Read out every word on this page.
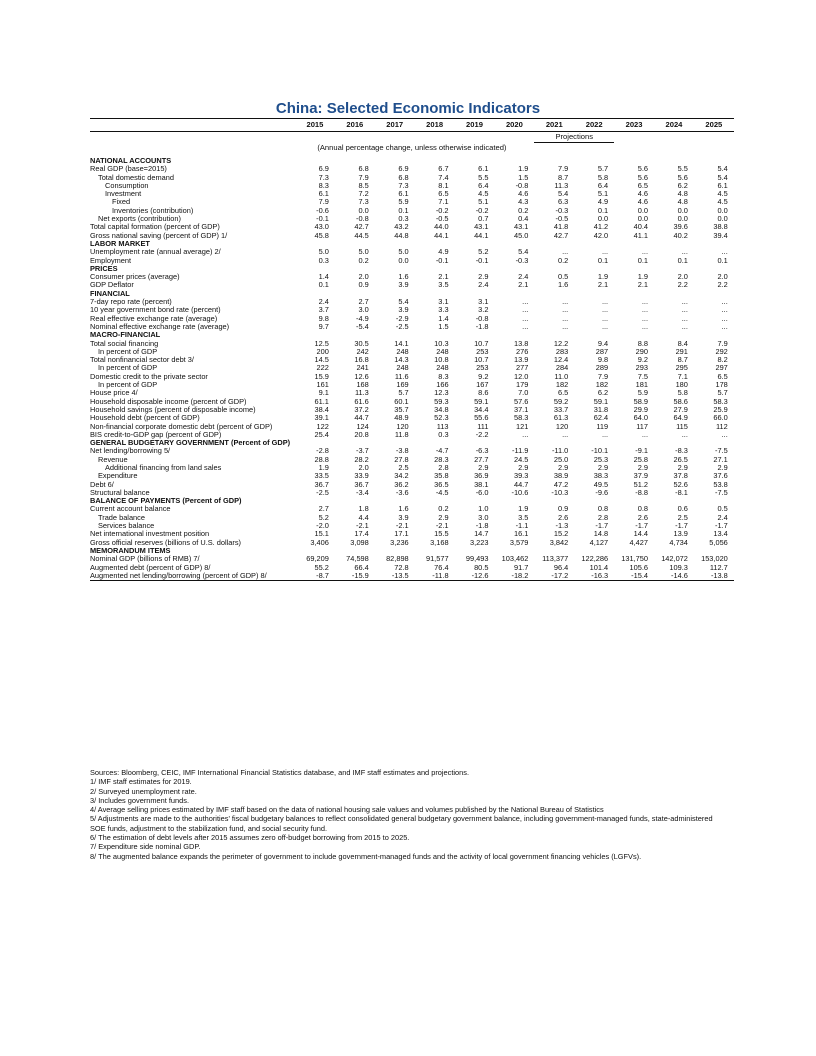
China: Selected Economic Indicators
	2015	2016	2017	2018	2019	2020	2021	2022	2023	2024	2025
							Projections				
(Annual percentage change, unless otherwise indicated)											

NATIONAL ACCOUNTS											
Real GDP (base=2015)	6.9	6.8	6.9	6.7	6.1	1.9	7.9	5.7	5.6	5.5	5.4
Total domestic demand	7.3	7.9	6.8	7.4	5.5	1.5	8.7	5.8	5.6	5.6	5.4
Consumption	8.3	8.5	7.3	8.1	6.4	-0.8	11.3	6.4	6.5	6.2	6.1
Investment	6.1	7.2	6.1	6.5	4.5	4.6	5.4	5.1	4.6	4.8	4.5
Fixed	7.9	7.3	5.9	7.1	5.1	4.3	6.3	4.9	4.6	4.8	4.5
Inventories (contribution)	-0.6	0.0	0.1	-0.2	-0.2	0.2	-0.3	0.1	0.0	0.0	0.0
Net exports (contribution)	-0.1	-0.8	0.3	-0.5	0.7	0.4	-0.5	0.0	0.0	0.0	0.0
Total capital formation (percent of GDP)	43.0	42.7	43.2	44.0	43.1	43.1	41.8	41.2	40.4	39.6	38.8
Gross national saving (percent of GDP) 1/	45.8	44.5	44.8	44.1	44.1	45.0	42.7	42.0	41.1	40.2	39.4
LABOR MARKET											
Unemployment rate (annual average) 2/	5.0	5.0	5.0	4.9	5.2	5.4	...	...	...	...	...
Employment	0.3	0.2	0.0	-0.1	-0.1	-0.3	0.2	0.1	0.1	0.1	0.1
PRICES											
Consumer prices (average)	1.4	2.0	1.6	2.1	2.9	2.4	0.5	1.9	1.9	2.0	2.0
GDP Deflator	0.1	0.9	3.9	3.5	2.4	2.1	1.6	2.1	2.1	2.2	2.2
FINANCIAL											
7-day repo rate (percent)	2.4	2.7	5.4	3.1	3.1	...	...	...	...	...	...
10 year government bond rate (percent)	3.7	3.0	3.9	3.3	3.2	...	...	...	...	...	...
Real effective exchange rate (average)	9.8	-4.9	-2.9	1.4	-0.8	...	...	...	...	...	...
Nominal effective exchange rate (average)	9.7	-5.4	-2.5	1.5	-1.8	...	...	...	...	...	...
MACRO-FINANCIAL											
Total social financing	12.5	30.5	14.1	10.3	10.7	13.8	12.2	9.4	8.8	8.4	7.9
In percent of GDP	200	242	248	248	253	276	283	287	290	291	292
Total nonfinancial sector debt 3/	14.5	16.8	14.3	10.8	10.7	13.9	12.4	9.8	9.2	8.7	8.2
In percent of GDP	222	241	248	248	253	277	284	289	293	295	297
Domestic credit to the private sector	15.9	12.6	11.6	8.3	9.2	12.0	11.0	7.9	7.5	7.1	6.5
In percent of GDP	161	168	169	166	167	179	182	182	181	180	178
House price 4/	9.1	11.3	5.7	12.3	8.6	7.0	6.5	6.2	5.9	5.8	5.7
Household disposable income (percent of GDP)	61.1	61.6	60.1	59.3	59.1	57.6	59.2	59.1	58.9	58.6	58.3
Household savings (percent of disposable income)	38.4	37.2	35.7	34.8	34.4	37.1	33.7	31.8	29.9	27.9	25.9
Household debt (percent of GDP)	39.1	44.7	48.9	52.3	55.6	58.3	61.3	62.4	64.0	64.9	66.0
Non-financial corporate domestic debt (percent of GDP)	122	124	120	113	111	121	120	119	117	115	112
BIS credit-to-GDP gap (percent of GDP)	25.4	20.8	11.8	0.3	-2.2	...	...	...	...	...	...
GENERAL BUDGETARY GOVERNMENT (Percent of GDP)											
Net lending/borrowing 5/	-2.8	-3.7	-3.8	-4.7	-6.3	-11.9	-11.0	-10.1	-9.1	-8.3	-7.5
Revenue	28.8	28.2	27.8	28.3	27.7	24.5	25.0	25.3	25.8	26.5	27.1
Additional financing from land sales	1.9	2.0	2.5	2.8	2.9	2.9	2.9	2.9	2.9	2.9	2.9
Expenditure	33.5	33.9	34.2	35.8	36.9	39.3	38.9	38.3	37.9	37.8	37.6
Debt 6/	36.7	36.7	36.2	36.5	38.1	44.7	47.2	49.5	51.2	52.6	53.8
Structural balance	-2.5	-3.4	-3.6	-4.5	-6.0	-10.6	-10.3	-9.6	-8.8	-8.1	-7.5
BALANCE OF PAYMENTS (Percent of GDP)											
Current account balance	2.7	1.8	1.6	0.2	1.0	1.9	0.9	0.8	0.8	0.6	0.5
Trade balance	5.2	4.4	3.9	2.9	3.0	3.5	2.6	2.8	2.6	2.5	2.4
Services balance	-2.0	-2.1	-2.1	-2.1	-1.8	-1.1	-1.3	-1.7	-1.7	-1.7	-1.7
Net international investment position	15.1	17.4	17.1	15.5	14.7	16.1	15.2	14.8	14.4	13.9	13.4
Gross official reserves (billions of U.S. dollars)	3,406	3,098	3,236	3,168	3,223	3,579	3,842	4,127	4,427	4,734	5,056
MEMORANDUM ITEMS											
Nominal GDP (billions of RMB) 7/	69,209	74,598	82,898	91,577	99,493	103,462	113,377	122,286	131,750	142,072	153,020
Augmented debt (percent of GDP) 8/	55.2	66.4	72.8	76.4	80.5	91.7	96.4	101.4	105.6	109.3	112.7
Augmented net lending/borrowing (percent of GDP) 8/	-8.7	-15.9	-13.5	-11.8	-12.6	-18.2	-17.2	-16.3	-15.4	-14.6	-13.8
Sources: Bloomberg, CEIC, IMF International Financial Statistics database, and IMF staff estimates and projections.
1/ IMF staff estimates for 2019.
2/ Surveyed unemployment rate.
3/ Includes government funds.
4/ Average selling prices estimated by IMF staff based on the data of national housing sale values and volumes published by the National Bureau of Statistics
5/ Adjustments are made to the authorities' fiscal budgetary balances to reflect consolidated general budgetary government balance, including government-managed funds, state-administered SOE funds, adjustment to the stabilization fund, and social security fund.
6/ The estimation of debt levels after 2015 assumes zero off-budget borrowing from 2015 to 2025.
7/ Expenditure side nominal GDP.
8/ The augmented balance expands the perimeter of government to include government-managed funds and the activity of local government financing vehicles (LGFVs).
